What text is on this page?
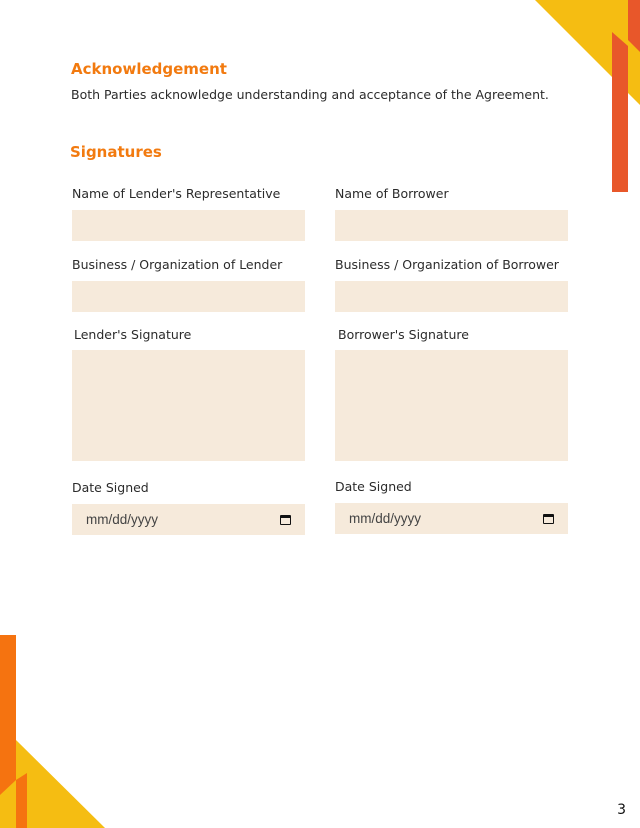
Acknowledgement
Both Parties acknowledge understanding and acceptance of the Agreement.
Signatures
Name of Lender's Representative	Name of Borrower
Business / Organization of Lender	Business / Organization of Borrower
Lender's Signature	Borrower's Signature
Date Signed	Date Signed
mm/dd/yyyy	mm/dd/yyyy
3
